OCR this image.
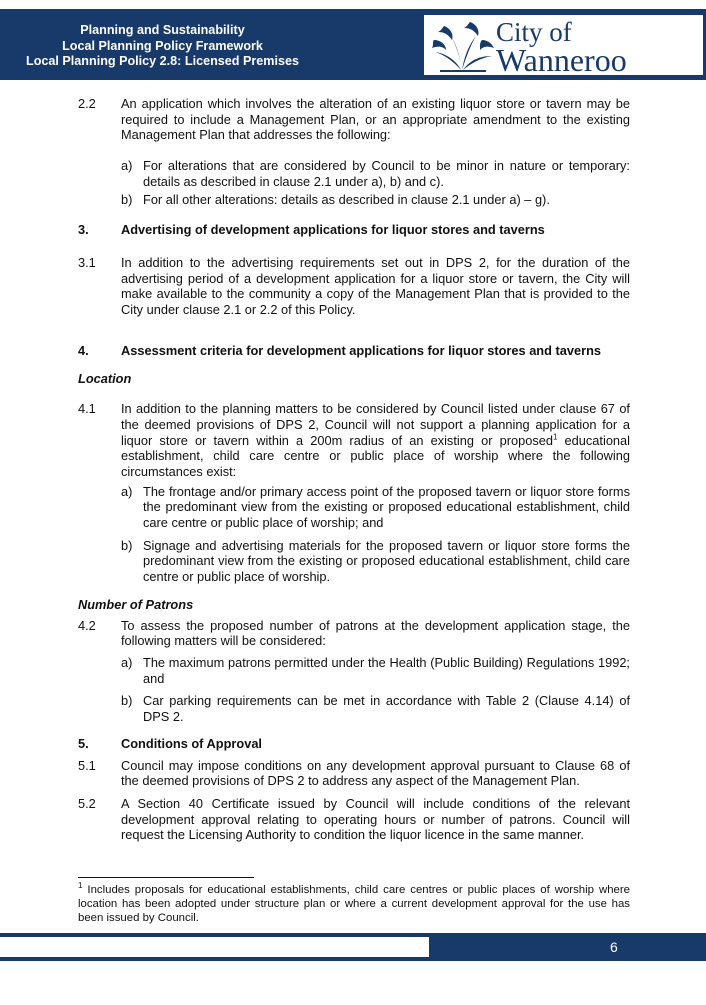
Planning and Sustainability
Local Planning Policy Framework
Local Planning Policy 2.8: Licensed Premises
City of
Wanneroo
2.2	An application which involves the alteration of an existing liquor store or tavern may be required to include a Management Plan, or an appropriate amendment to the existing Management Plan that addresses the following:
a) For alterations that are considered by Council to be minor in nature or temporary: details as described in clause 2.1 under a), b) and c).
b) For all other alterations: details as described in clause 2.1 under a) – g).
3.	Advertising of development applications for liquor stores and taverns
3.1	In addition to the advertising requirements set out in DPS 2, for the duration of the advertising period of a development application for a liquor store or tavern, the City will make available to the community a copy of the Management Plan that is provided to the City under clause 2.1 or 2.2 of this Policy.
4.	Assessment criteria for development applications for liquor stores and taverns
Location
4.1	In addition to the planning matters to be considered by Council listed under clause 67 of the deemed provisions of DPS 2, Council will not support a planning application for a liquor store or tavern within a 200m radius of an existing or proposed$^1$ educational establishment, child care centre or public place of worship where the following circumstances exist:
a) The frontage and/or primary access point of the proposed tavern or liquor store forms the predominant view from the existing or proposed educational establishment, child care centre or public place of worship; and
b) Signage and advertising materials for the proposed tavern or liquor store forms the predominant view from the existing or proposed educational establishment, child care centre or public place of worship.
Number of Patrons
4.2	To assess the proposed number of patrons at the development application stage, the following matters will be considered:
a) The maximum patrons permitted under the Health (Public Building) Regulations 1992; and
b) Car parking requirements can be met in accordance with Table 2 (Clause 4.14) of DPS 2.
5.	Conditions of Approval
5.1	Council may impose conditions on any development approval pursuant to Clause 68 of the deemed provisions of DPS 2 to address any aspect of the Management Plan.
5.2	A Section 40 Certificate issued by Council will include conditions of the relevant development approval relating to operating hours or number of patrons. Council will request the Licensing Authority to condition the liquor licence in the same manner.
$^1$ Includes proposals for educational establishments, child care centres or public places of worship where location has been adopted under structure plan or where a current development approval for the use has been issued by Council.
6
